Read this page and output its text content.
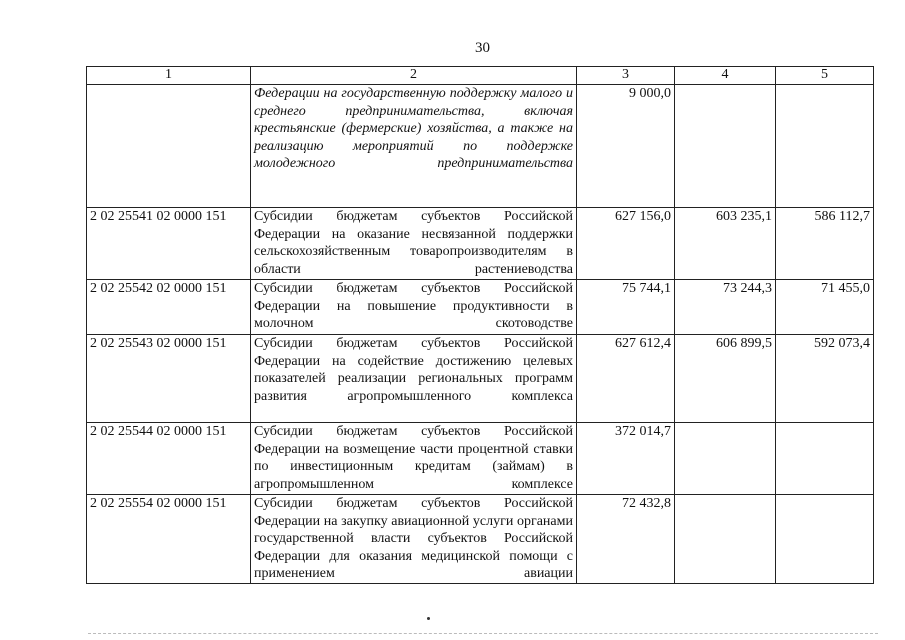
30
1	2	3	4	5
	Федерации на государственную поддержку малого и среднего предпринимательства, включая крестьянские (фермерские) хозяйства, а также на реализацию мероприятий по поддержке молодежного предпринимательства	9 000,0		
2 02 25541 02 0000 151	Субсидии бюджетам субъектов Российской Федерации на оказание несвязанной поддержки сельскохозяйственным товаропроизводителям в области растениеводства	627 156,0	603 235,1	586 112,7
2 02 25542 02 0000 151	Субсидии бюджетам субъектов Российской Федерации на повышение продуктивности в молочном скотоводстве	75 744,1	73 244,3	71 455,0
2 02 25543 02 0000 151	Субсидии бюджетам субъектов Российской Федерации на содействие достижению целевых показателей реализации региональных программ развития агропромышленного комплекса	627 612,4	606 899,5	592 073,4
2 02 25544 02 0000 151	Субсидии бюджетам субъектов Российской Федерации на возмещение части процентной ставки по инвестиционным кредитам (займам) в агропромышленном комплексе	372 014,7		
2 02 25554 02 0000 151	Субсидии бюджетам субъектов Российской Федерации на закупку авиационной услуги органами государственной власти субъектов Российской Федерации для оказания медицинской помощи с применением авиации	72 432,8		
